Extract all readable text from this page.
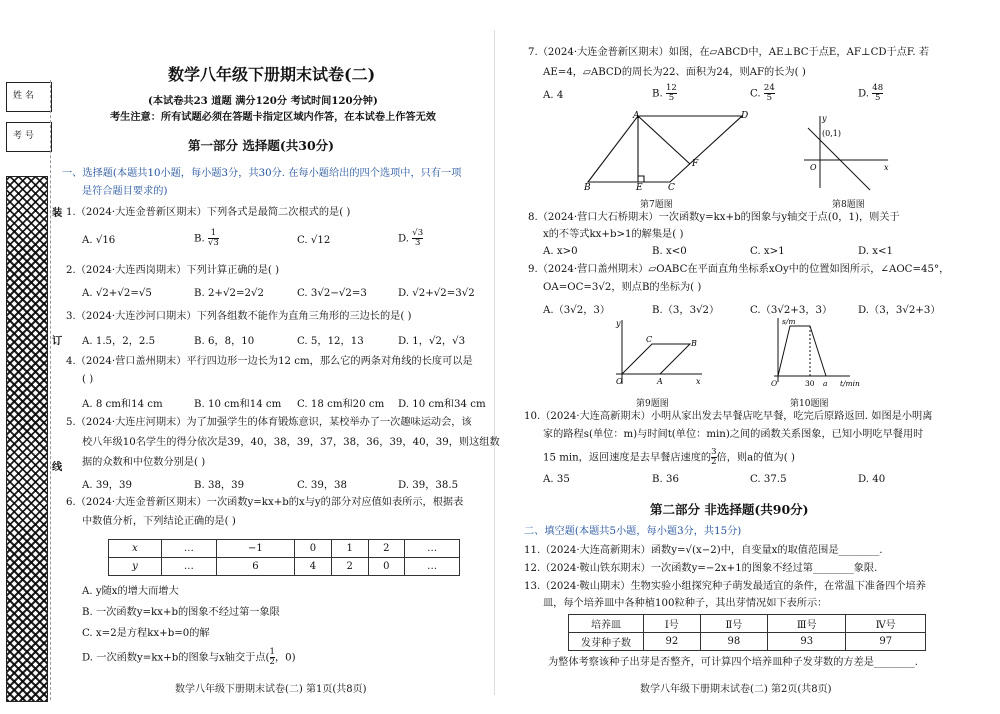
姓 名
考 号
装
订
线
数学八年级下册期末试卷(二)
(本试卷共23 道题 满分120分 考试时间120分钟)
考生注意：所有试题必须在答题卡指定区域内作答，在本试卷上作答无效
第一部分 选择题(共30分)
一、选择题(本题共10小题，每小题3分，共30分. 在每小题给出的四个选项中，只有一项
是符合题目要求的)
1.（2024·大连金普新区期末）下列各式是最简二次根式的是( )
A. √16	B. $\frac{1}{√3}$	C. √12	D. $\frac{√3}{3}$
2.（2024·大连西岗期末）下列计算正确的是( )
A. √2+√2=√5	B. 2+√2=2√2	C. 3√2−√2=3	D. √2+√2=3√2
3.（2024·大连沙河口期末）下列各组数不能作为直角三角形的三边长的是( )
A. 1.5，2，2.5	B. 6，8，10	C. 5，12，13	D. 1，√2，√3
4.（2024·营口盖州期末）平行四边形一边长为12 cm，那么它的两条对角线的长度可以是
( )
A. 8 cm和14 cm	B. 10 cm和14 cm C. 18 cm和20 cm D. 10 cm和34 cm
5.（2024·大连庄河期末）为了加强学生的体育锻炼意识，某校举办了一次趣味运动会，该
校八年级10名学生的得分依次是39，40，38，39，37，38，36，39，40，39，则这组数
据的众数和中位数分别是( )
A. 39，39	B. 38，39	C. 39，38	D. 39，38.5
6.（2024·大连金普新区期末）一次函数y=kx+b的x与y的部分对应值如表所示，根据表
中数值分析，下列结论正确的是( )
x	…	−1	0	1	2	…
y	…	6	4	2	0	…
A. y随x的增大而增大
B. 一次函数y=kx+b的图象不经过第一象限
C. x=2是方程kx+b=0的解
D. 一次函数y=kx+b的图象与x轴交于点( $\frac{1}{2}$ ，0)
数学八年级下册期末试卷(二) 第1页(共8页)
7.（2024·大连金普新区期末）如图，在▱ABCD中，AE⊥BC于点E，AF⊥CD于点F. 若
AE=4，▱ABCD的周长为22、面积为24，则AF的长为( )
A. 4	B. $\frac{12}{5}$	C. $\frac{24}{5}$	D. $\frac{48}{5}$
A	D
B	E	C
F
第7题图
y
x
(0,1)
O
第8题图
8.（2024·营口大石桥期末）一次函数y=kx+b的图象与y轴交于点(0，1)，则关于
x的不等式kx+b>1的解集是( )
A. x>0	B. x<0	C. x>1	D. x<1
9.（2024·营口盖州期末）▱OABC在平面直角坐标系xOy中的位置如图所示，∠AOC=45°，
OA=OC=3√2，则点B的坐标为( )
A.（3√2，3）	B.（3，3√2）	C.（3√2+3，3）	D.（3，3√2+3）
y
C	B
O	A	x
第9题图
s/m
O	30 a t/min
第10题图
10.（2024·大连高新期末）小明从家出发去早餐店吃早餐，吃完后原路返回. 如图是小明离
家的路程s(单位：m)与时间t(单位：min)之间的函数关系图象，已知小明吃早餐用时
15 min，返回速度是去早餐店速度的 $\frac{3}{2}$ 倍，则a的值为( )
A. 35	B. 36	C. 37.5	D. 40
第二部分 非选择题(共90分)
二、填空题(本题共5小题，每小题3分，共15分)
11.（2024·大连高新期末）函数y=√(x−2)中，自变量x的取值范围是________.
12.（2024·鞍山铁东期末）一次函数y=−2x+1的图象不经过第________象限.
13.（2024·鞍山期末）生物实验小组探究种子萌发最适宜的条件，在常温下准备四个培养
皿，每个培养皿中各种植100粒种子，其出芽情况如下表所示：
培养皿	Ⅰ号	Ⅱ号	Ⅲ号	Ⅳ号
发芽种子数	92	98	93	97
为整体考察该种子出芽是否整齐，可计算四个培养皿种子发芽数的方差是________.
数学八年级下册期末试卷(二) 第2页(共8页)
